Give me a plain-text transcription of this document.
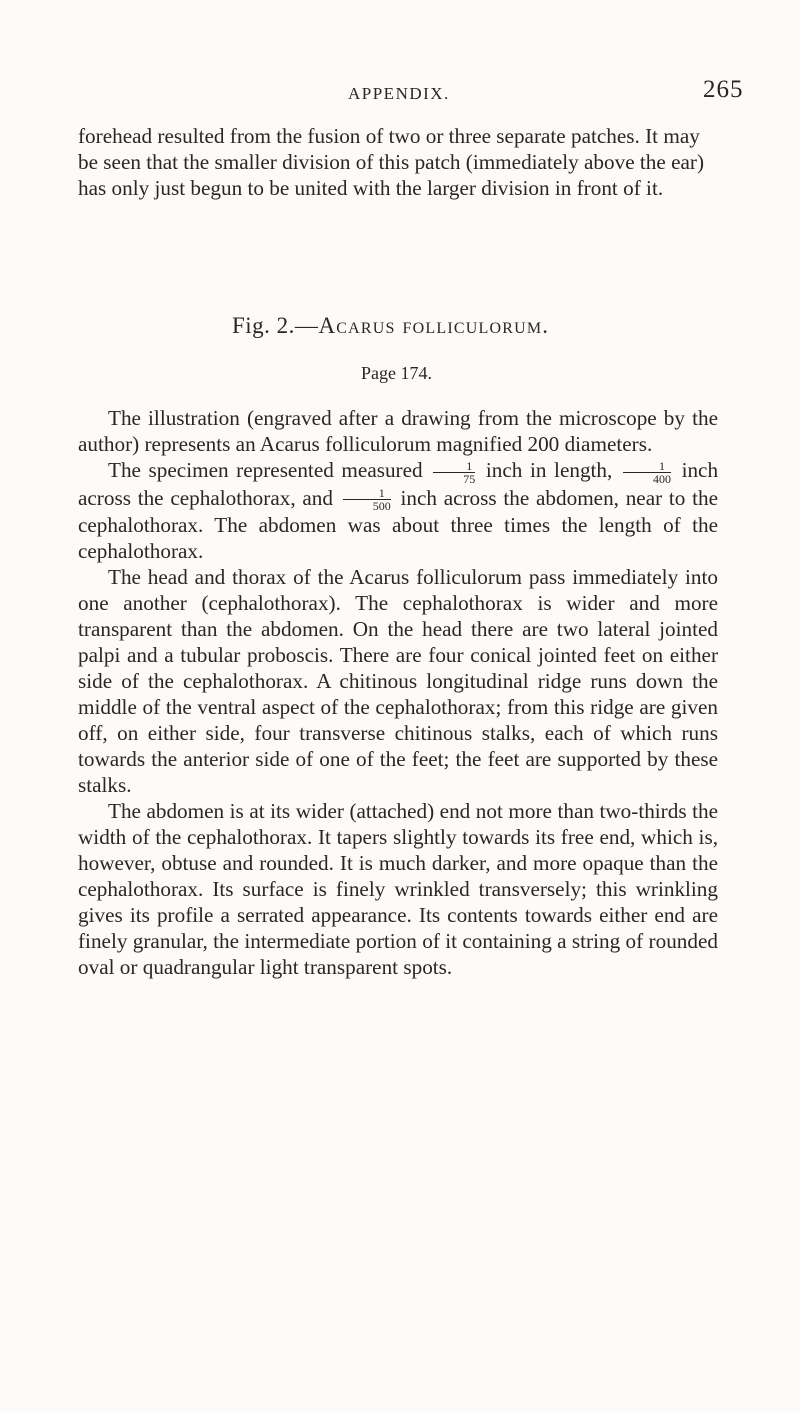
APPENDIX.	265

forehead resulted from the fusion of two or three separate patches. It may be seen that the smaller division of this patch (immediately above the ear) has only just begun to be united with the larger division in front of it.

Fig. 2.—Acarus folliculorum.
Page 174.

The illustration (engraved after a drawing from the microscope by the author) represents an Acarus folliculorum magnified 200 diameters.

The specimen represented measured $\frac{1}{75}$ inch in length, $\frac{1}{400}$ inch across the cephalothorax, and $\frac{1}{500}$ inch across the abdomen, near to the cephalothorax. The abdomen was about three times the length of the cephalothorax.

The head and thorax of the Acarus folliculorum pass immediately into one another (cephalothorax). The cephalothorax is wider and more transparent than the abdomen. On the head there are two lateral jointed palpi and a tubular proboscis. There are four conical jointed feet on either side of the cephalothorax. A chitinous longitudinal ridge runs down the middle of the ventral aspect of the cephalothorax; from this ridge are given off, on either side, four transverse chitinous stalks, each of which runs towards the anterior side of one of the feet; the feet are supported by these stalks.

The abdomen is at its wider (attached) end not more than two-thirds the width of the cephalothorax. It tapers slightly towards its free end, which is, however, obtuse and rounded. It is much darker, and more opaque than the cephalothorax. Its surface is finely wrinkled transversely; this wrinkling gives its profile a serrated appearance. Its contents towards either end are finely granular, the intermediate portion of it containing a string of rounded oval or quadrangular light transparent spots.
